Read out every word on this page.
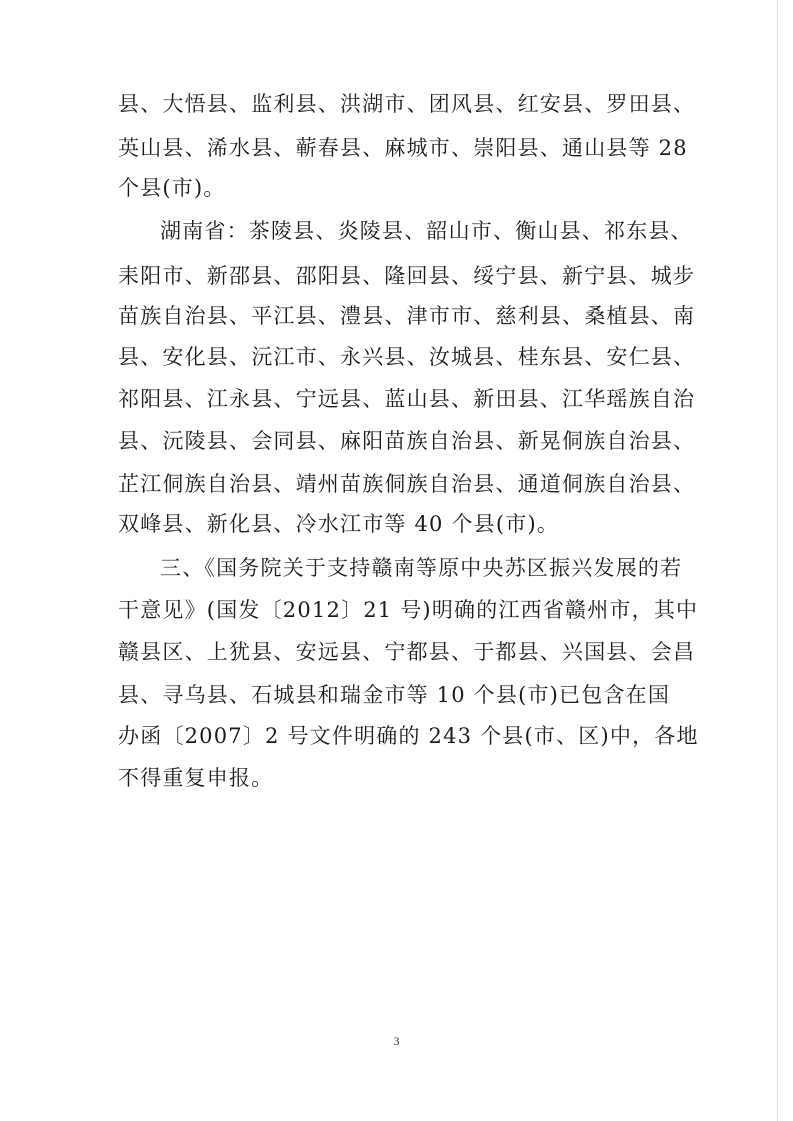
县、大悟县、监利县、洪湖市、团风县、红安县、罗田县、
英山县、浠水县、蕲春县、麻城市、崇阳县、通山县等 28
个县(市)。
湖南省：茶陵县、炎陵县、韶山市、衡山县、祁东县、
耒阳市、新邵县、邵阳县、隆回县、绥宁县、新宁县、城步
苗族自治县、平江县、澧县、津市市、慈利县、桑植县、南
县、安化县、沅江市、永兴县、汝城县、桂东县、安仁县、
祁阳县、江永县、宁远县、蓝山县、新田县、江华瑶族自治
县、沅陵县、会同县、麻阳苗族自治县、新晃侗族自治县、
芷江侗族自治县、靖州苗族侗族自治县、通道侗族自治县、
双峰县、新化县、冷水江市等 40 个县(市)。
三、《国务院关于支持赣南等原中央苏区振兴发展的若
干意见》(国发〔2012〕21 号)明确的江西省赣州市，其中
赣县区、上犹县、安远县、宁都县、于都县、兴国县、会昌
县、寻乌县、石城县和瑞金市等 10 个县(市)已包含在国
办函〔2007〕2 号文件明确的 243 个县(市、区)中，各地
不得重复申报。
3
